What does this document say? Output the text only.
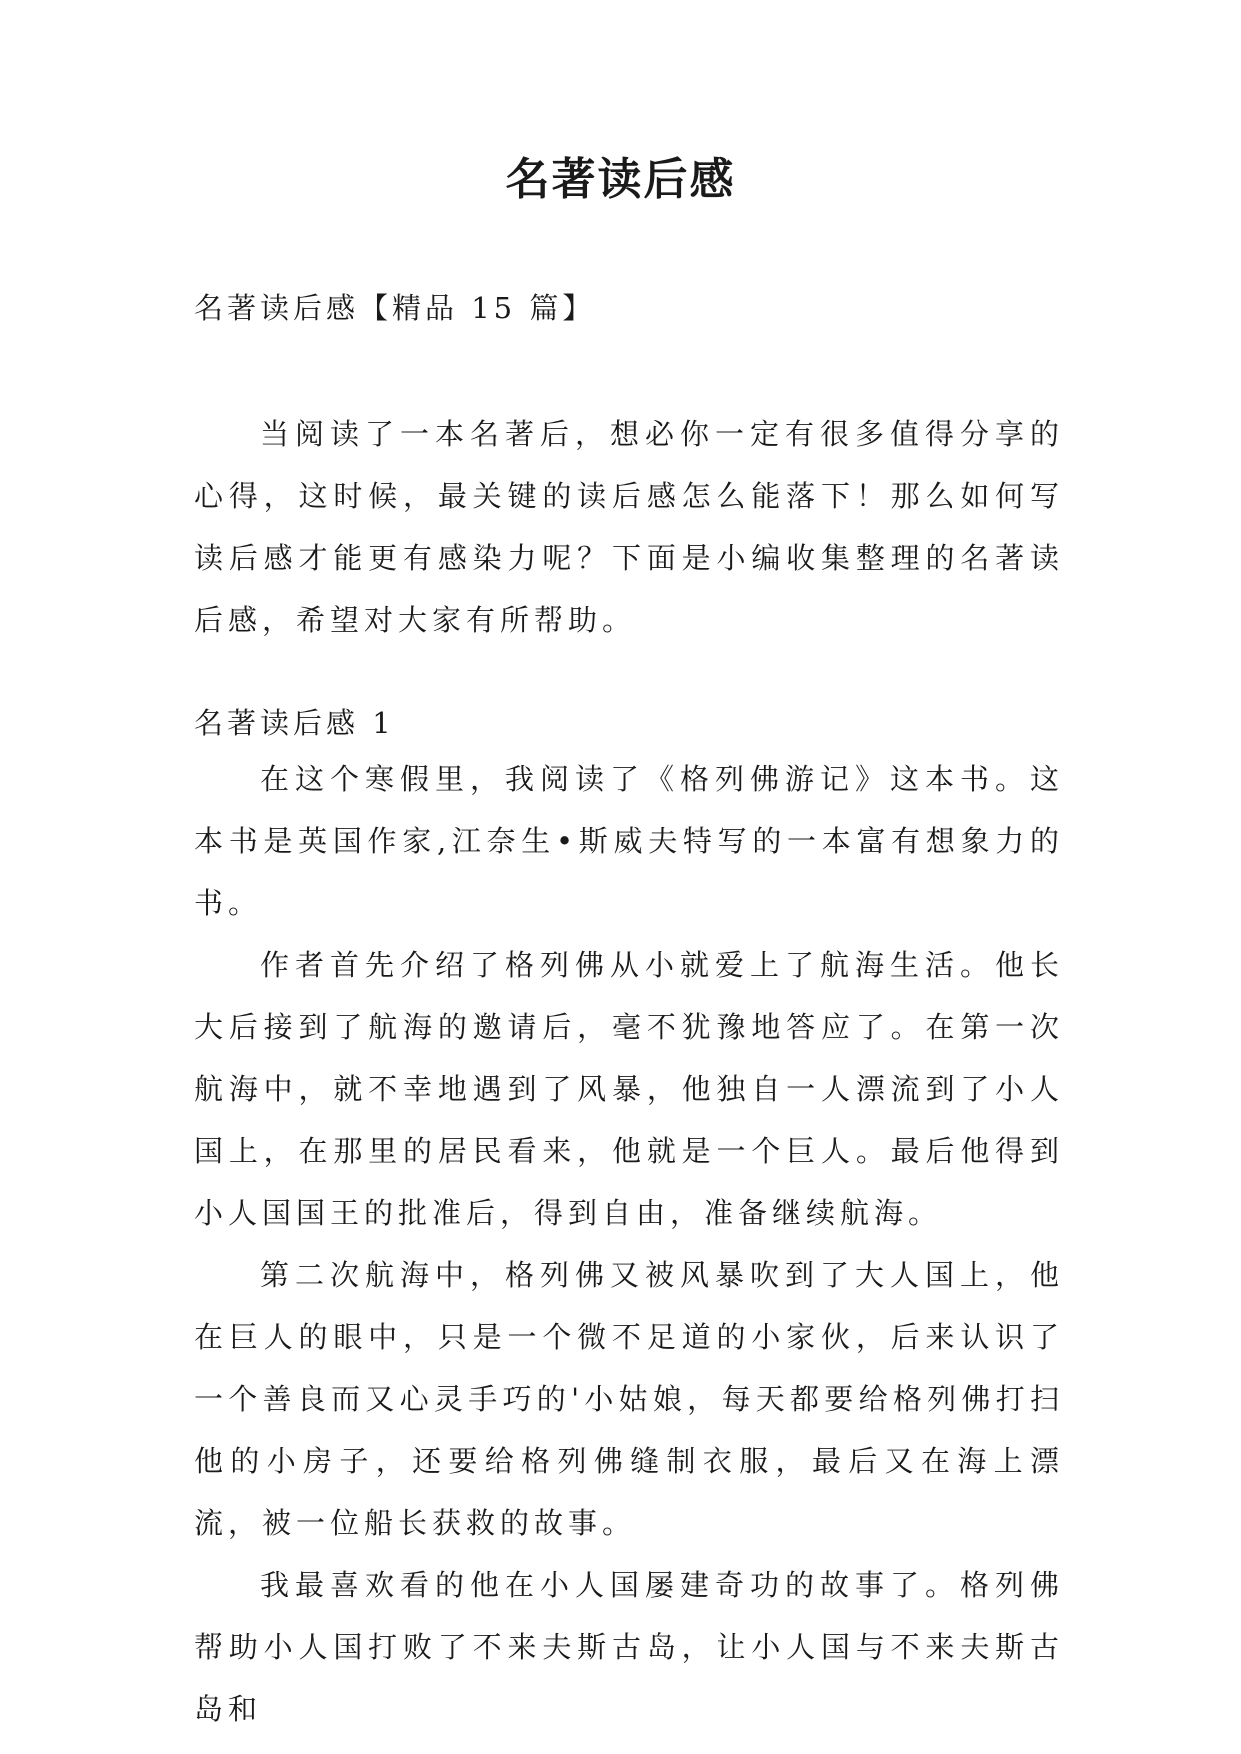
名著读后感
名著读后感【精品 15 篇】

当阅读了一本名著后，想必你一定有很多值得分享的心得，这时候，最关键的读后感怎么能落下！那么如何写读后感才能更有感染力呢？下面是小编收集整理的名著读后感，希望对大家有所帮助。

名著读后感 1

在这个寒假里，我阅读了《格列佛游记》这本书。这本书是英国作家,江奈生•斯威夫特写的一本富有想象力的书。

作者首先介绍了格列佛从小就爱上了航海生活。他长大后接到了航海的邀请后，毫不犹豫地答应了。在第一次航海中，就不幸地遇到了风暴，他独自一人漂流到了小人国上，在那里的居民看来，他就是一个巨人。最后他得到小人国国王的批准后，得到自由，准备继续航海。

第二次航海中，格列佛又被风暴吹到了大人国上，他在巨人的眼中，只是一个微不足道的小家伙，后来认识了一个善良而又心灵手巧的'小姑娘，每天都要给格列佛打扫他的小房子，还要给格列佛缝制衣服，最后又在海上漂流，被一位船长获救的故事。

我最喜欢看的他在小人国屡建奇功的故事了。格列佛帮助小人国打败了不来夫斯古岛，让小人国与不来夫斯古岛和
